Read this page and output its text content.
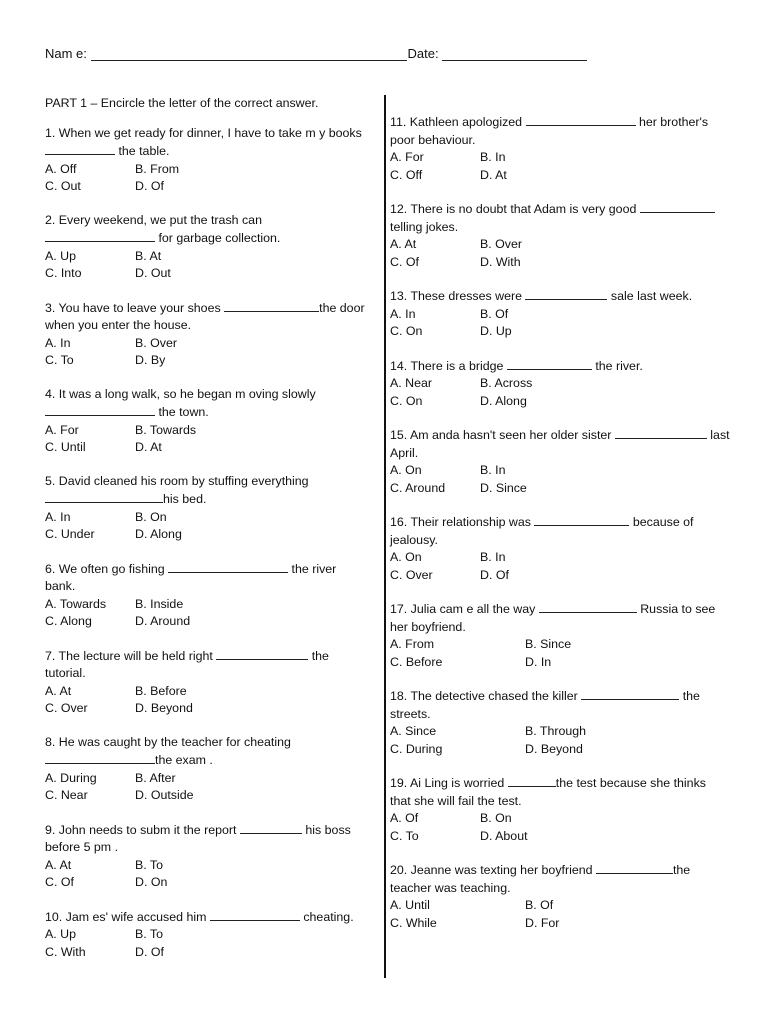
Nam e:	Date:
PART 1 – Encircle the letter of the correct answer.
1. When we get ready for dinner, I have to take m y books  the table.
A. Off	B. From
C. Out	D. Of
2. Every weekend, we put the trash can  for garbage collection.
A. Up	B. At
C. Into	D. Out
3. You have to leave your shoes	the door when you enter the house.
A. In	B. Over
C. To	D. By
4. It was a long walk, so he began m oving slowly  the town.
A. For	B. Towards
C. Until	D. At
5. David cleaned his room by stuffing everything his bed.
A. In	B. On
C. Under	D. Along
6. We often go fishing	the river bank.
A. Towards	B. Inside
C. Along	D. Around
7. The lecture will be held right	the tutorial.
A. At	B. Before
C. Over	D. Beyond
8. He was caught by the teacher for cheating the exam .
A. During	B. After
C. Near	D. Outside
9. John needs to subm it the report	his boss before 5 pm .
A. At	B. To
C. Of	D. On
10. Jam es' wife accused him	cheating.
A. Up	B. To
C. With	D. Of
11. Kathleen apologized	her brother's poor behaviour.
A. For	B. In
C. Off	D. At
12. There is no doubt that Adam is very good  telling jokes.
A. At	B. Over
C. Of	D. With
13. These dresses were	sale last week.
A. In	B. Of
C. On	D. Up
14. There is a bridge	the river.
A. Near	B. Across
C. On	D. Along
15. Am anda hasn't seen her older sister	last April.
A. On	B. In
C. Around	D. Since
16. Their relationship was	because of jealousy.
A. On	B. In
C. Over	D. Of
17. Julia cam e all the way	Russia to see her boyfriend.
A. From	B. Since
C. Before	D. In
18. The detective chased the killer	the streets.
A. Since	B. Through
C. During	D. Beyond
19. Ai Ling is worried	the test because she thinks that she will fail the test.
A. Of	B. On
C. To	D. About
20. Jeanne was texting her boyfriend	the teacher was teaching.
A. Until	B. Of
C. While	D. For
